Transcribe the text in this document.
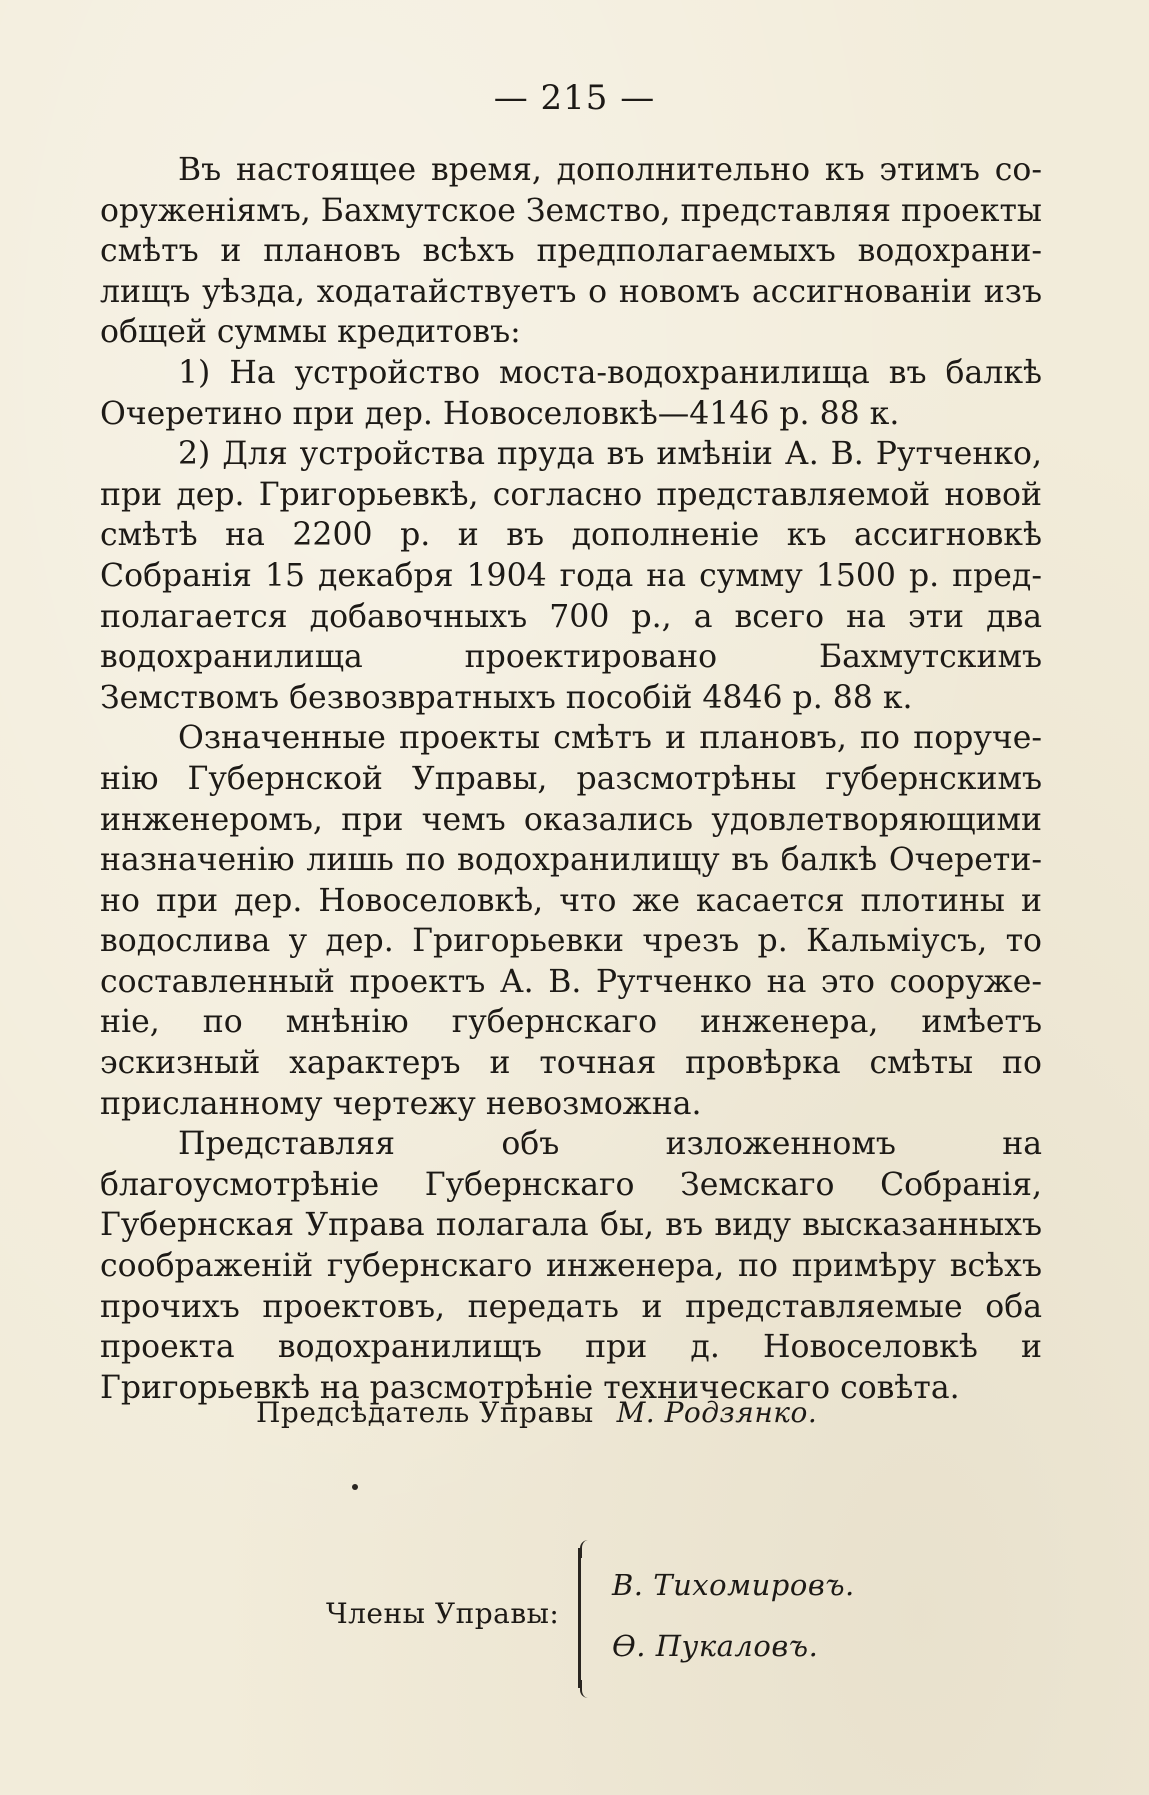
— 215 —

Въ настоящее время, дополнительно къ этимъ сооруженіямъ, Бахмутское Земство, представляя проекты смѣтъ и плановъ всѣхъ предполагаемыхъ водохранилищъ уѣзда, ходатайствуетъ о новомъ ассигнованіи изъ общей суммы кредитовъ:

1) На устройство моста-водохранилища въ балкѣ Очеретино при дер. Новоселовкѣ—4146 р. 88 к.

2) Для устройства пруда въ имѣніи А. В. Рутченко, при дер. Григорьевкѣ, согласно представляемой новой смѣтѣ на 2200 р. и въ дополненіе къ ассигновкѣ Собранія 15 декабря 1904 года на сумму 1500 р. предполагается добавочныхъ 700 р., а всего на эти два водохранилища проектировано Бахмутскимъ Земствомъ безвозвратныхъ пособій 4846 р. 88 к.

Означенные проекты смѣтъ и плановъ, по порученію Губернской Управы, разсмотрѣны губернскимъ инженеромъ, при чемъ оказались удовлетворяющими назначенію лишь по водохранилищу въ балкѣ Очеретино при дер. Новоселовкѣ, что же касается плотины и водослива у дер. Григорьевки чрезъ р. Кальміусъ, то составленный проектъ А. В. Рутченко на это сооруженіе, по мнѣнію губернскаго инженера, имѣетъ эскизный характеръ и точная провѣрка смѣты по присланному чертежу невозможна.

Представляя объ изложенномъ на благоусмотрѣніе Губернскаго Земскаго Собранія, Губернская Управа полагала бы, въ виду высказанныхъ соображеній губернскаго инженера, по примѣру всѣхъ прочихъ проектовъ, передать и представляемые оба проекта водохранилищъ при д. Новоселовкѣ и Григорьевкѣ на разсмотрѣніе техническаго совѣта.

Предсѣдатель Управы М. Родзянко.
Члены Управы:
В. Тихомировъ.
Ѳ. Пукаловъ.
